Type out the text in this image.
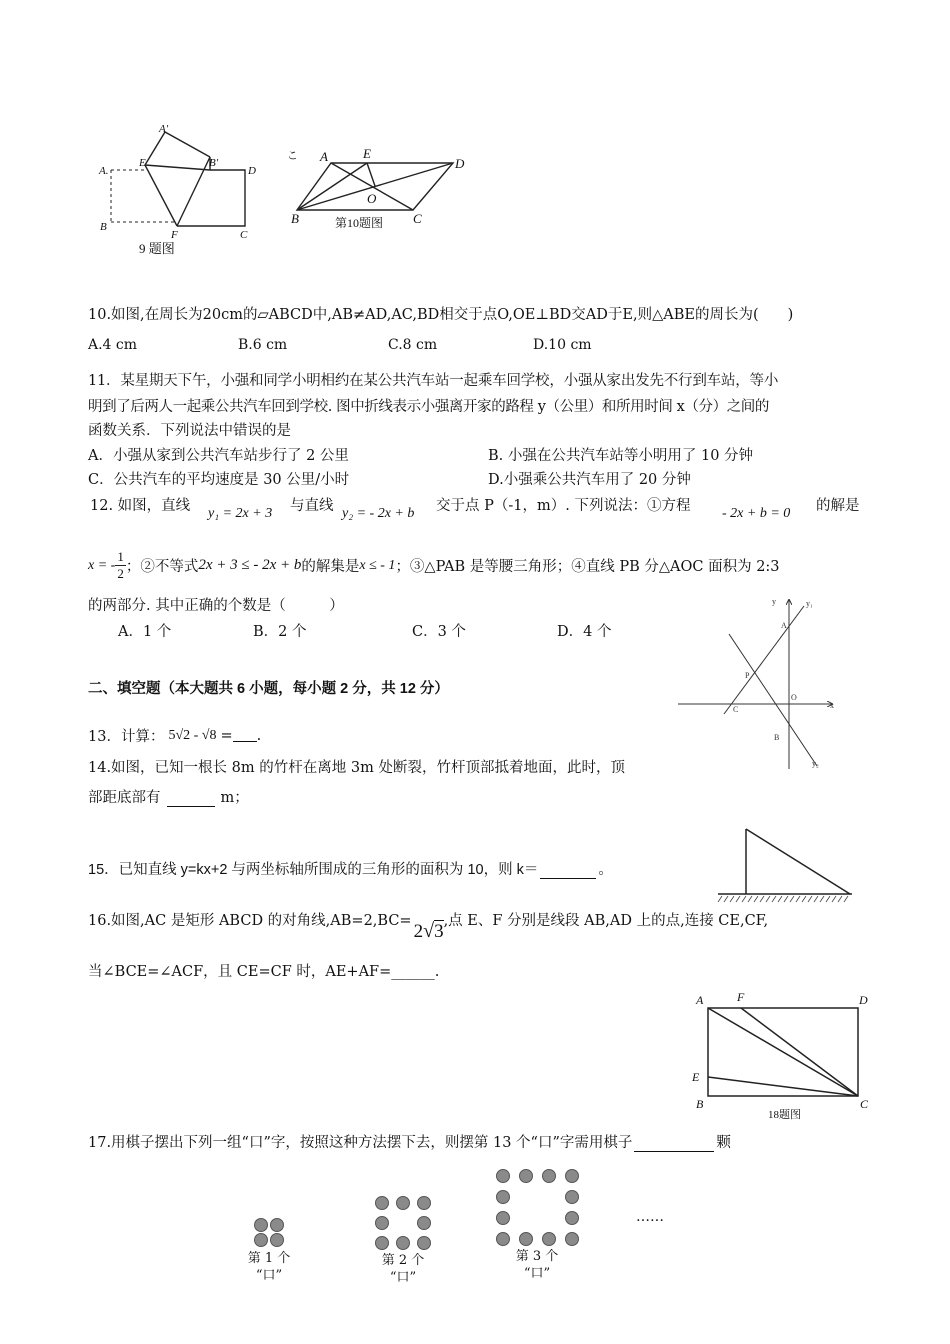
A′
A.
E	B′
D
B
F	C
9 题图
こ A	E
D
O
B	C
第10题图
10.如图,在周长为20cm的▱ABCD中,AB≠AD,AC,BD相交于点O,OE⊥BD交AD于E,则△ABE的周长为(　　)
A.4 cm	B.6 cm	C.8 cm	D.10 cm
11．某星期天下午，小强和同学小明相约在某公共汽车站一起乘车回学校，小强从家出发先不行到车站，等小
明到了后两人一起乘公共汽车回到学校. 图中折线表示小强离开家的路程 y（公里）和所用时间 x（分）之间的
函数关系．下列说法中错误的是
A．小强从家到公共汽车站步行了 2 公里	B. 小强在公共汽车站等小明用了 10 分钟
C．公共汽车的平均速度是 30 公里/小时	D.小强乘公共汽车用了 20 分钟
12. 如图，直线 y₁ = 2x + 3 与直线 y₂ = - 2x + b 交于点 P（-1，m）. 下列说法：①方程 - 2x + b = 0 的解是
x = - $\frac{1}{2}$ ；②不等式 2x + 3 ≤ - 2x + b 的解集是 x ≤ - 1 ；③△PAB 是等腰三角形；④直线 PB 分△AOC 面积为 2:3
的两部分. 其中正确的个数是（　　　）
A．1 个	B．2 个	C．3 个	D．4 个
y	y₁
A
P
O
x
C
B
y₂
二、填空题（本大题共 6 小题，每小题 2 分，共 12 分）
13．计算： 5√2 - √8 = .
14.如图，已知一根长 8m 的竹杆在离地 3m 处断裂，竹杆顶部抵着地面，此时，顶
部距底部有	m；
15．已知直线 y=kx+2 与两坐标轴所围成的三角形的面积为 10，则 k＝	。
16.如图,AC 是矩形 ABCD 的对角线,AB=2,BC= 2√3 ,点 E、F 分别是线段 AB,AD 上的点,连接 CE,CF,
当∠BCE=∠ACF，且 CE=CF 时，AE+AF=______.
A	F	D
E
B	C
18题图
17.用棋子摆出下列一组“口”字，按照这种方法摆下去，则摆第 13 个“口”字需用棋子	颗
第 1 个
“口”
第 2 个
“口”
第 3 个
“口”
……
